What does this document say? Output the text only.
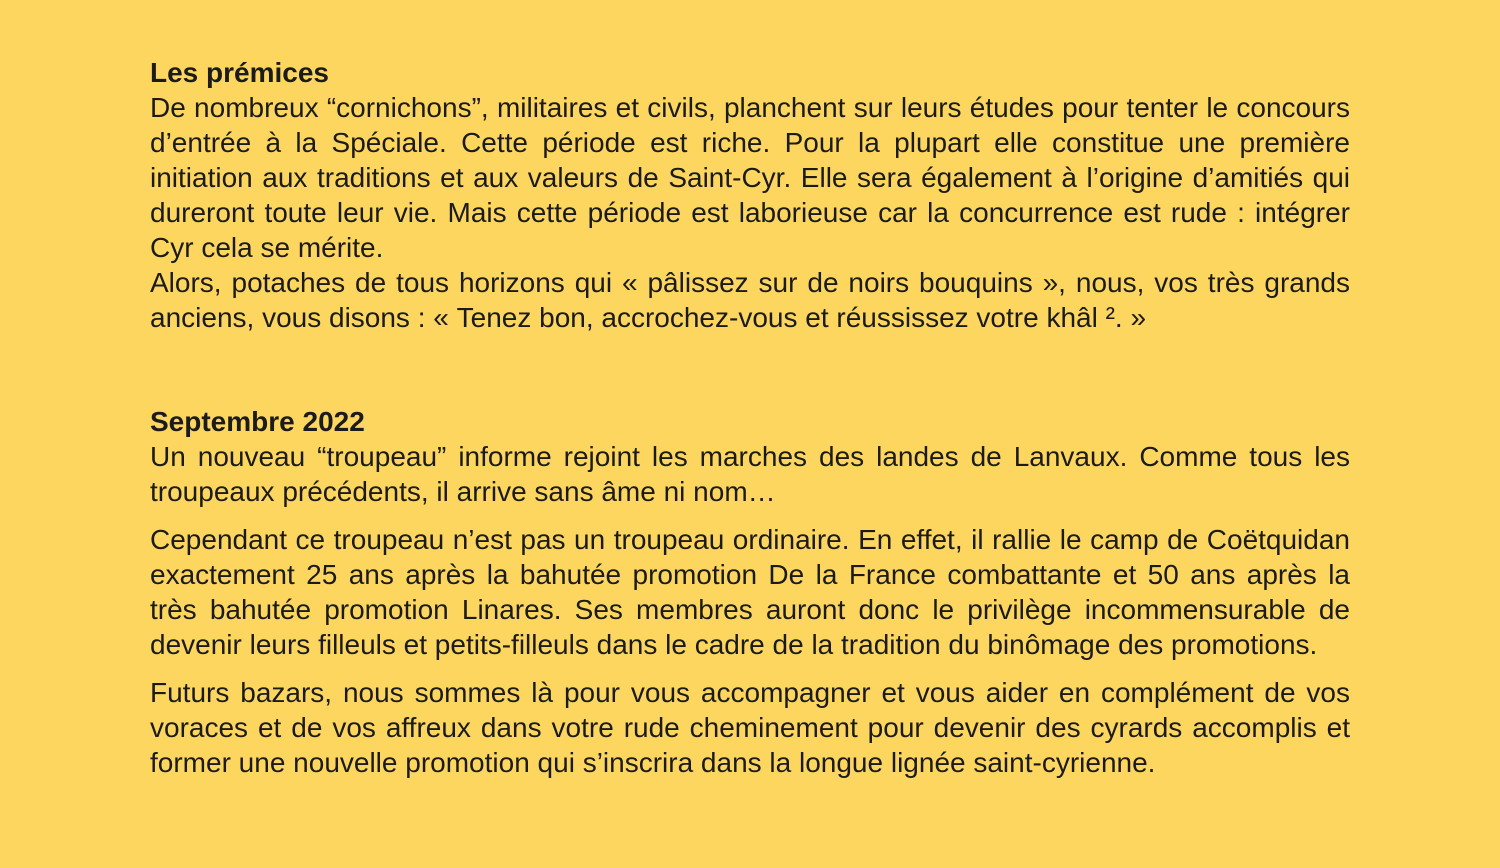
Les prémices

De nombreux “cornichons”, militaires et civils, planchent sur leurs études pour tenter le concours d’entrée à la Spéciale. Cette période est riche. Pour la plupart elle constitue une première initiation aux traditions et aux valeurs de Saint-Cyr. Elle sera également à l’origine d’amitiés qui dureront toute leur vie. Mais cette période est laborieuse car la concurrence est rude : intégrer Cyr cela se mérite.

Alors, potaches de tous horizons qui « pâlissez sur de noirs bouquins », nous, vos très grands anciens, vous disons : « Tenez bon, accrochez-vous et réussissez votre khâl ². »

Septembre 2022

Un nouveau “troupeau” informe rejoint les marches des landes de Lanvaux. Comme tous les troupeaux précédents, il arrive sans âme ni nom…

Cependant ce troupeau n’est pas un troupeau ordinaire. En effet, il rallie le camp de Coëtquidan exactement 25 ans après la bahutée promotion De la France combattante et 50 ans après la très bahutée promotion Linares. Ses membres auront donc le privilège incommensurable de devenir leurs filleuls et petits-filleuls dans le cadre de la tradition du binômage des promotions.

Futurs bazars, nous sommes là pour vous accompagner et vous aider en complément de vos voraces et de vos affreux dans votre rude cheminement pour devenir des cyrards accomplis et former une nouvelle promotion qui s’inscrira dans la longue lignée saint-cyrienne.
